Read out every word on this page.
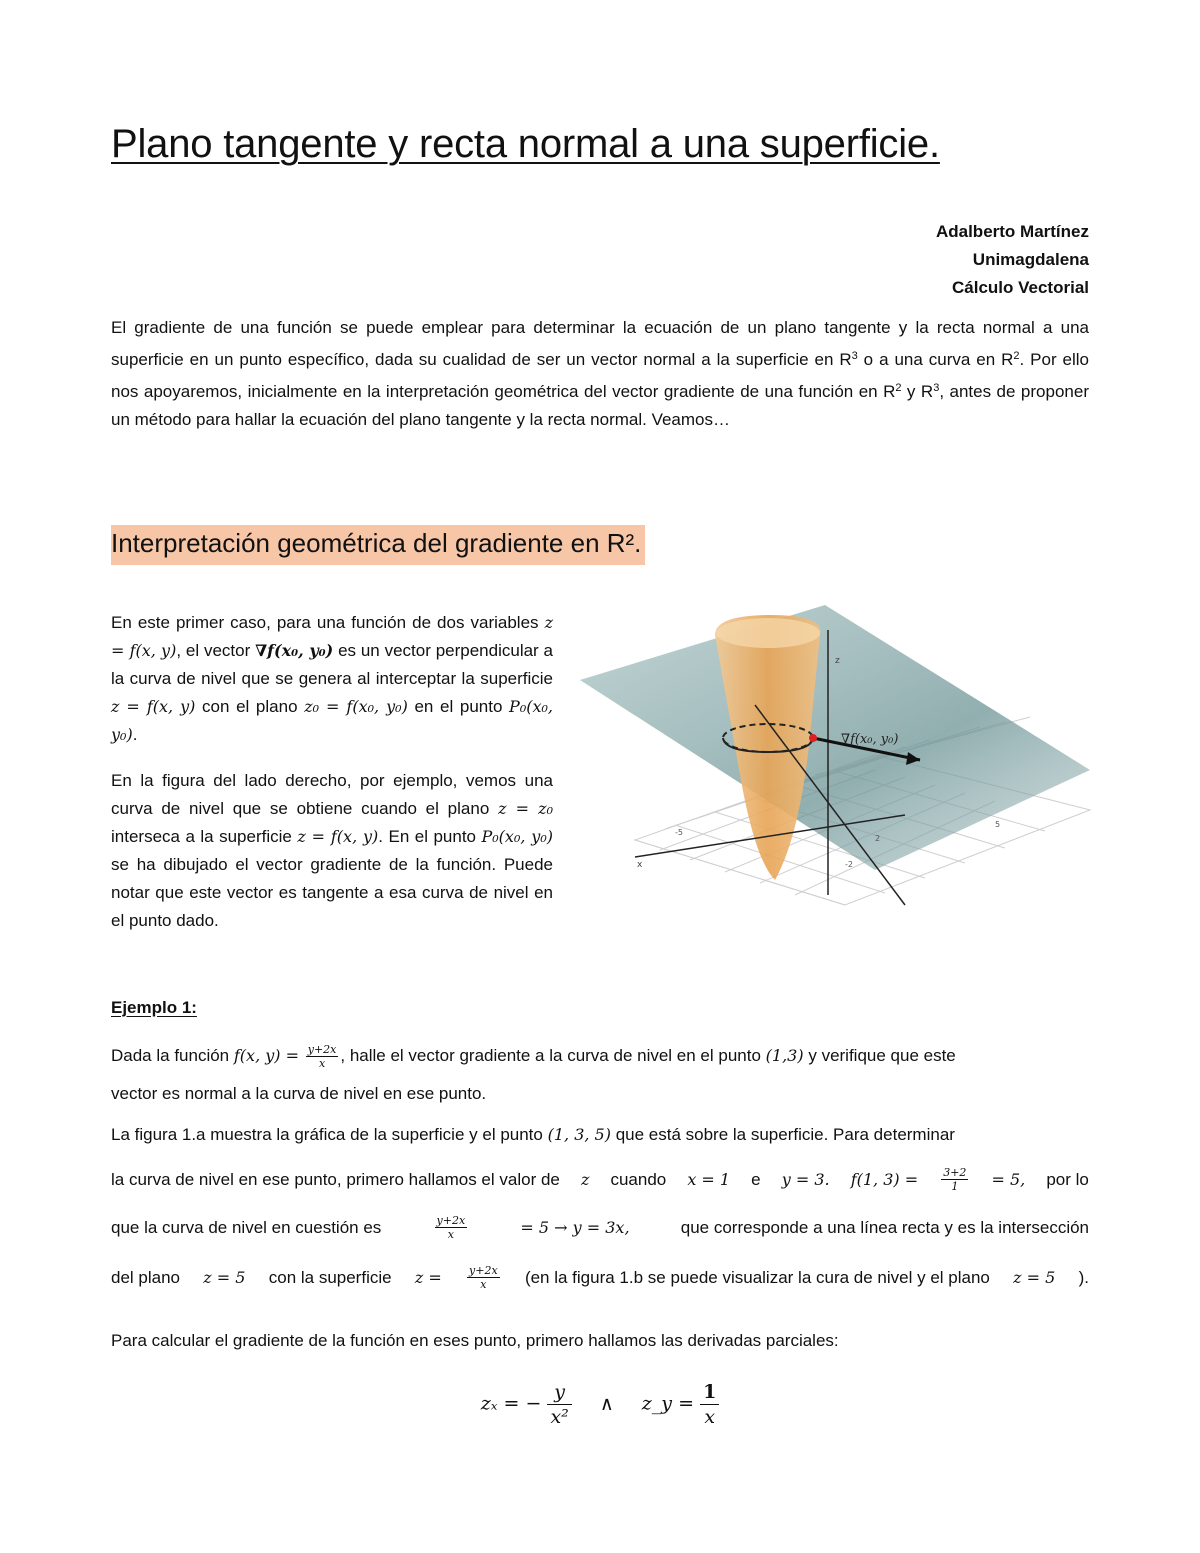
Plano tangente y recta normal a una superficie.
Adalberto Martínez
Unimagdalena
Cálculo Vectorial

El gradiente de una función se puede emplear para determinar la ecuación de un plano tangente y la recta normal a una superficie en un punto específico, dada su cualidad de ser un vector normal a la superficie en $R^3$ o a una curva en $R^2$. Por ello nos apoyaremos, inicialmente en la interpretación geométrica del vector gradiente de una función en $R^2$ y $R^3$, antes de proponer un método para hallar la ecuación del plano tangente y la recta normal. Veamos…

Interpretación geométrica del gradiente en R².

En este primer caso, para una función de dos variables z = f(x, y), el vector ∇f(x₀, y₀) es un vector perpendicular a la curva de nivel que se genera al interceptar la superficie z = f(x, y) con el plano z₀ = f(x₀, y₀) en el punto P₀(x₀, y₀).

En la figura del lado derecho, por ejemplo, vemos una curva de nivel que se obtiene cuando el plano z = z₀ interseca a la superficie z = f(x, y). En el punto P₀(x₀, y₀) se ha dibujado el vector gradiente de la función. Puede notar que este vector es tangente a esa curva de nivel en el punto dado.

∇f(x₀, y₀)
z
x
2
-2
-5
5
Ejemplo 1:
Dada la función f(x, $y) = \frac{y+2x}{x}$ , halle el vector gradiente a la curva de nivel en el punto (1,3) y verifique que este
vector es normal a la curva de nivel en ese punto.
La figura 1.a muestra la gráfica de la superficie y el punto (1, 3, 5) que está sobre la superficie. Para determinar
la curva de nivel en ese punto, primero hallamos el valor de z cuando x = 1 e y = 3. f(1, $3) = \frac{3+2}{1} = 5$, por lo
que la curva de nivel en cuestión es	$\frac{y+2x}{x}$	= 5 → y = 3x,	que corresponde a una línea recta y es la intersección
del plano z = 5 con la superficie $z = \frac{y+2x}{x} (en$ la figura 1.b se puede visualizar la cura de nivel y el plano z = 5 ).
Para calcular el gradiente de la función en eses punto, primero hallamos las derivadas parciales:
zₓ = − $\frac{y}{\text{x²}}$ ∧ z_y = $\frac{1}{x}$
